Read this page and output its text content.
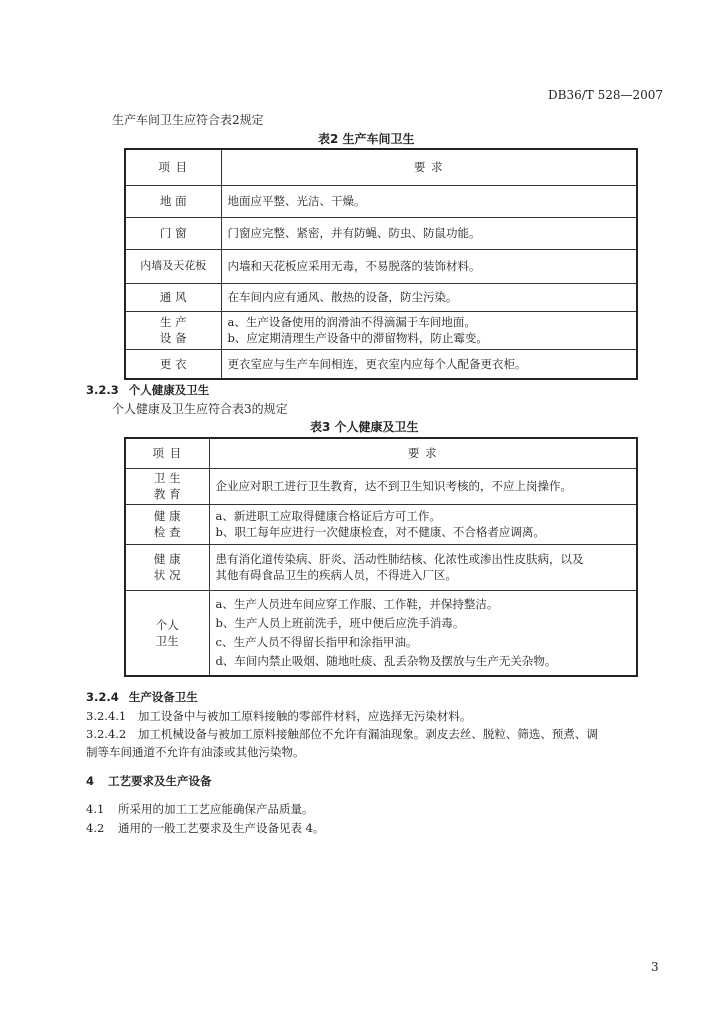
DB36/T 528—2007
生产车间卫生应符合表2规定
表2 生产车间卫生
项 目	要 求

地 面	地面应平整、光洁、干燥。

门 窗	门窗应完整、紧密，并有防蝇、防虫、防鼠功能。

内墙及天花板	内墙和天花板应采用无毒，不易脱落的装饰材料。

通 风	在车间内应有通风、散热的设备，防尘污染。

生 产
设 备	a、生产设备使用的润滑油不得滴漏于车间地面。
b、应定期清理生产设备中的滞留物料，防止霉变。

更 衣	更衣室应与生产车间相连，更衣室内应每个人配备更衣柜。
3.2.3 个人健康及卫生
个人健康及卫生应符合表3的规定
表3 个人健康及卫生
项 目	要 求

卫 生
教 育	企业应对职工进行卫生教育，达不到卫生知识考核的，不应上岗操作。

健 康
检 查	a、新进职工应取得健康合格证后方可工作。
b、职工每年应进行一次健康检查，对不健康、不合格者应调离。

健 康
状 况	患有消化道传染病、肝炎、活动性肺结核、化浓性或渗出性皮肤病，以及
其他有碍食品卫生的疾病人员，不得进入厂区。

个人
卫生	a、生产人员进车间应穿工作服、工作鞋，并保持整洁。
b、生产人员上班前洗手，班中便后应洗手消毒。
c、生产人员不得留长指甲和涂指甲油。
d、车间内禁止吸烟、随地吐痰、乱丢杂物及摆放与生产无关杂物。
3.2.4 生产设备卫生
3.2.4.1 加工设备中与被加工原料接触的零部件材料，应选择无污染材料。
3.2.4.2 加工机械设备与被加工原料接触部位不允许有漏油现象。剥皮去丝、脱粒、筛选、预煮、调
制等车间通道不允许有油漆或其他污染物。
4 工艺要求及生产设备
4.1 所采用的加工工艺应能确保产品质量。
4.2 通用的一般工艺要求及生产设备见表 4。
3
